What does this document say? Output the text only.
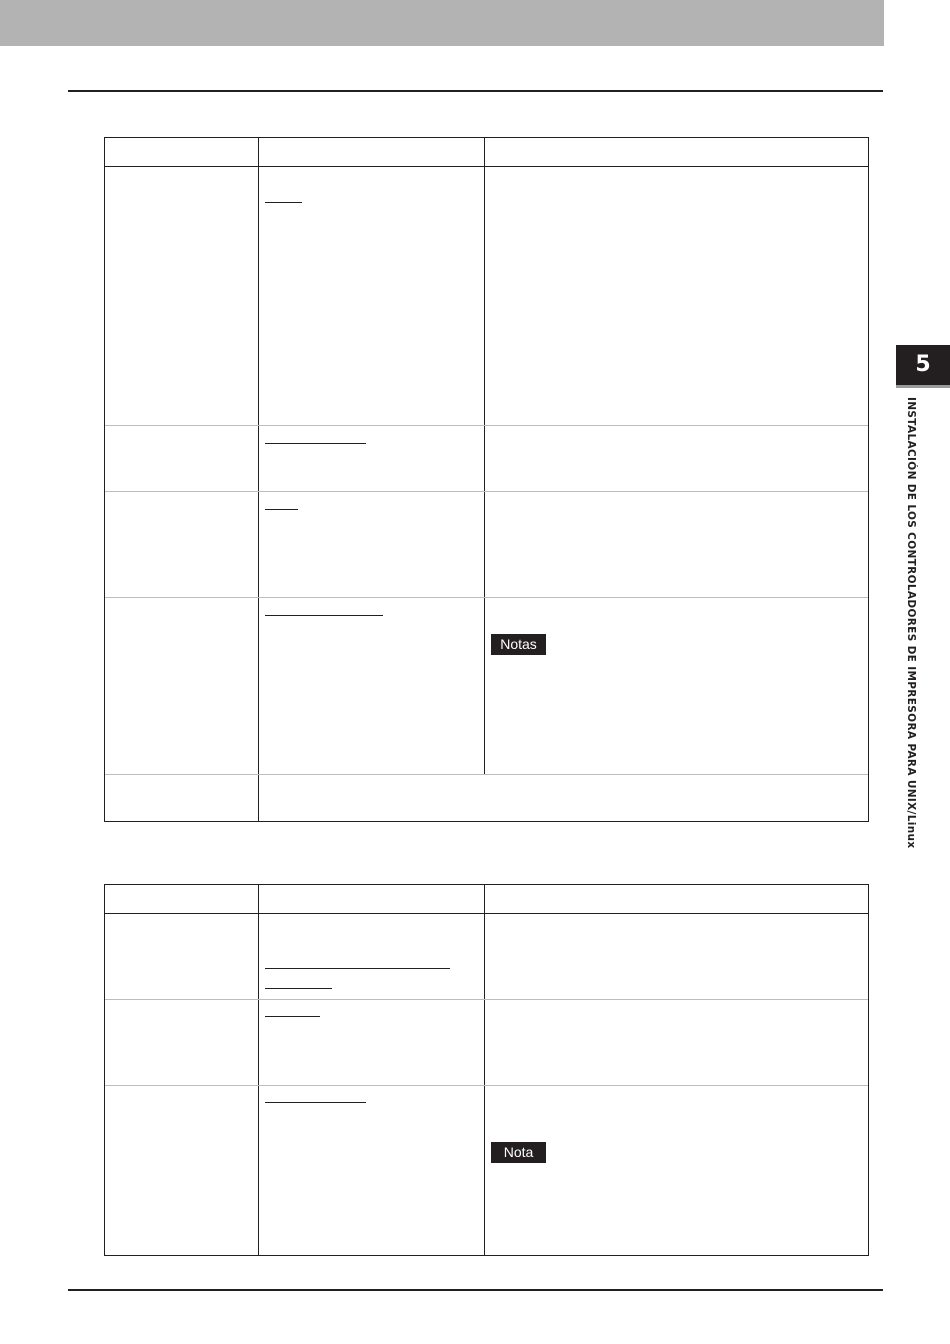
5
INSTALACIÓN DE LOS CONTROLADORES DE IMPRESORA PARA UNIX/Linux
Notas
Nota
